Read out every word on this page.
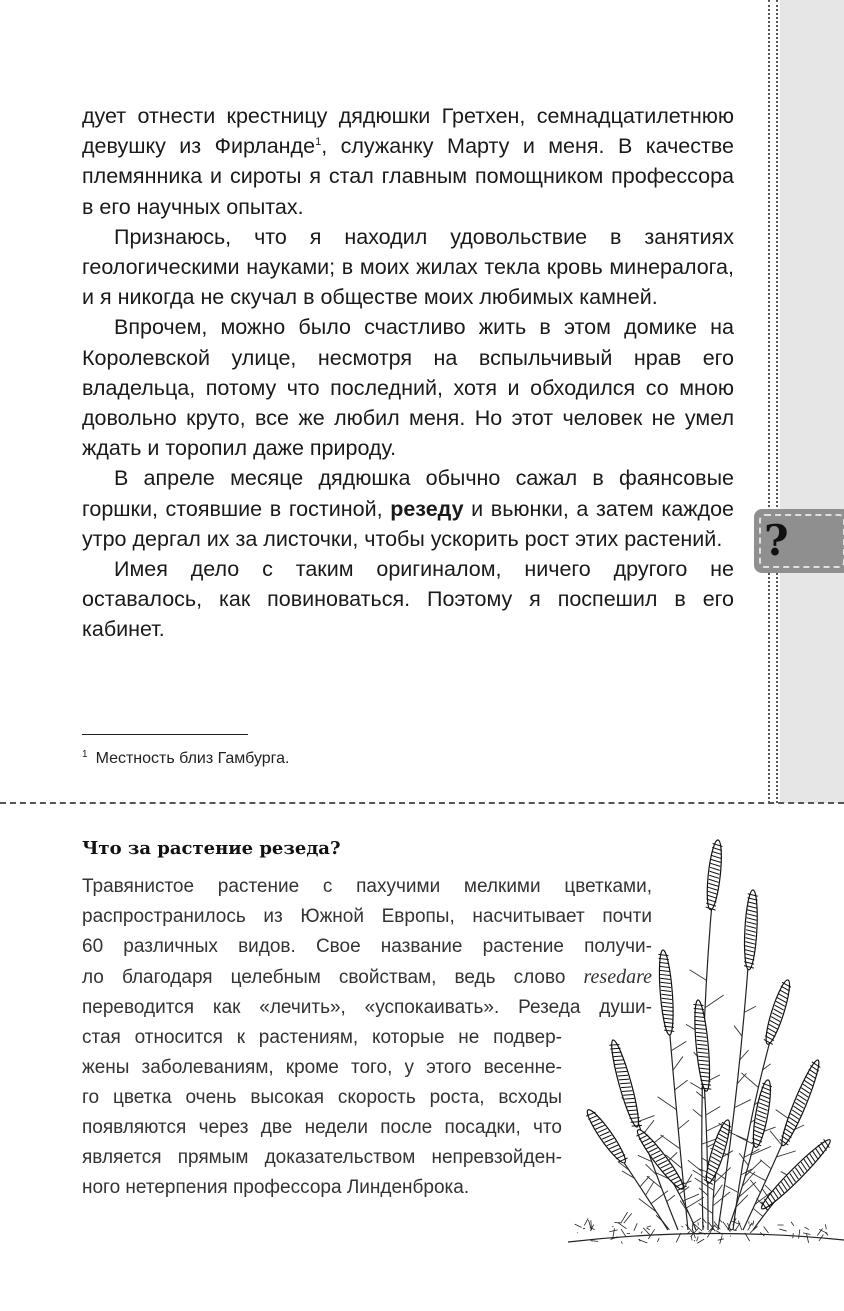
?

дует отнести крестницу дядюшки Гретхен, семнадцатилетнюю девушку из Фирланде$^1$, служанку Марту и меня. В качестве племянника и сироты я стал главным помощником профессора в его научных опытах.

Признаюсь, что я находил удовольствие в занятиях геологическими науками; в моих жилах текла кровь минералога, и я никогда не скучал в обществе моих любимых камней.

Впрочем, можно было счастливо жить в этом домике на Королевской улице, несмотря на вспыльчивый нрав его владельца, потому что последний, хотя и обходился со мною довольно круто, все же любил меня. Но этот человек не умел ждать и торопил даже природу.

В апреле месяце дядюшка обычно сажал в фаянсовые горшки, стоявшие в гостиной, резеду и вьюнки, а затем каждое утро дергал их за листочки, чтобы ускорить рост этих растений.

Имея дело с таким оригиналом, ничего другого не оставалось, как повиноваться. Поэтому я поспешил в его кабинет.

$^1$ Местность близ Гамбурга.

Что за растение резеда?
Травянистое растение с пахучими мелкими цветками,
распространилось из Южной Европы, насчитывает почти
60 различных видов. Свое название растение получи-
ло благодаря целебным свойствам, ведь слово resedare
переводится как «лечить», «успокаивать». Резеда души-
стая относится к растениям, которые не подвер-
жены заболеваниям, кроме того, у этого весенне-
го цветка очень высокая скорость роста, всходы
появляются через две недели после посадки, что
является прямым доказательством непревзойден-
ного нетерпения профессора Линденброка.
